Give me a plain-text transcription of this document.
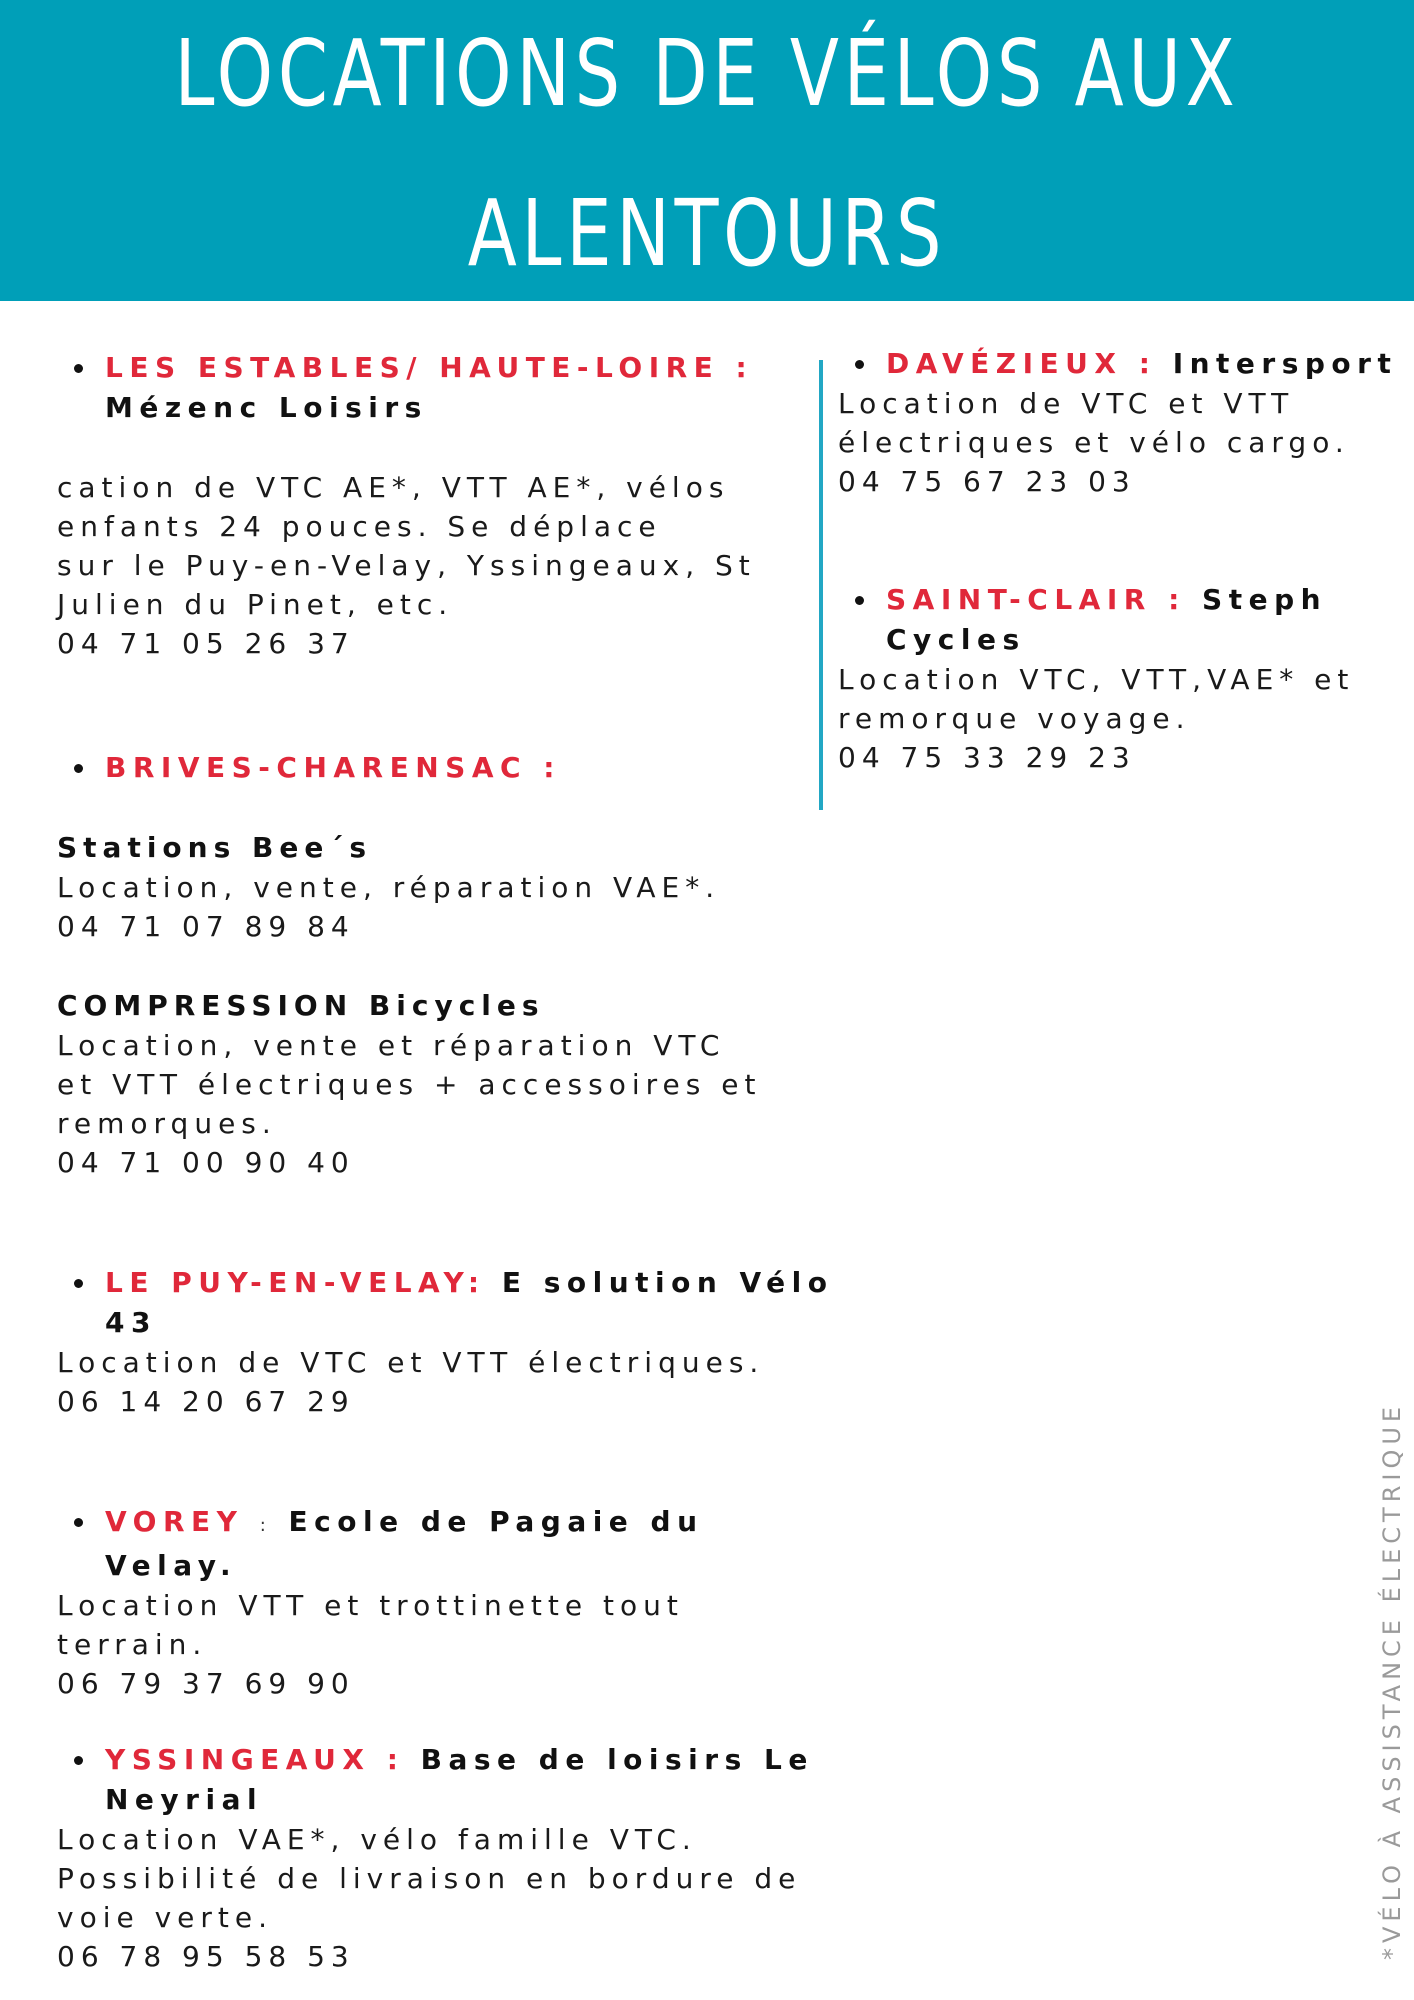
LOCATIONS DE VÉLOS AUX
ALENTOURS
LES ESTABLES/ HAUTE-LOIRE : Mézenc Loisirs
cation de VTC AE*, VTT AE*, vélos
enfants 24 pouces. Se déplace
sur le Puy-en-Velay, Yssingeaux, St
Julien du Pinet, etc.
04 71 05 26 37
BRIVES-CHARENSAC :
Stations Bee´s
Location, vente, réparation VAE*.
04 71 07 89 84
COMPRESSION Bicycles
Location, vente et réparation VTC
et VTT électriques + accessoires et
remorques.
04 71 00 90 40
LE PUY-EN-VELAY: E solution Vélo 43
Location de VTC et VTT électriques.
06 14 20 67 29
VOREY : Ecole de Pagaie du Velay.
Location VTT et trottinette tout
terrain.
06 79 37 69 90
YSSINGEAUX : Base de loisirs Le Neyrial
Location VAE*, vélo famille VTC.
Possibilité de livraison en bordure de
voie verte.
06 78 95 58 53
DAVÉZIEUX : Intersport
Location de VTC et VTT
électriques et vélo cargo.
04 75 67 23 03
SAINT-CLAIR : Steph Cycles
Location VTC, VTT,VAE* et
remorque voyage.
04 75 33 29 23
*VÉLO À ASSISTANCE ÉLECTRIQUE
